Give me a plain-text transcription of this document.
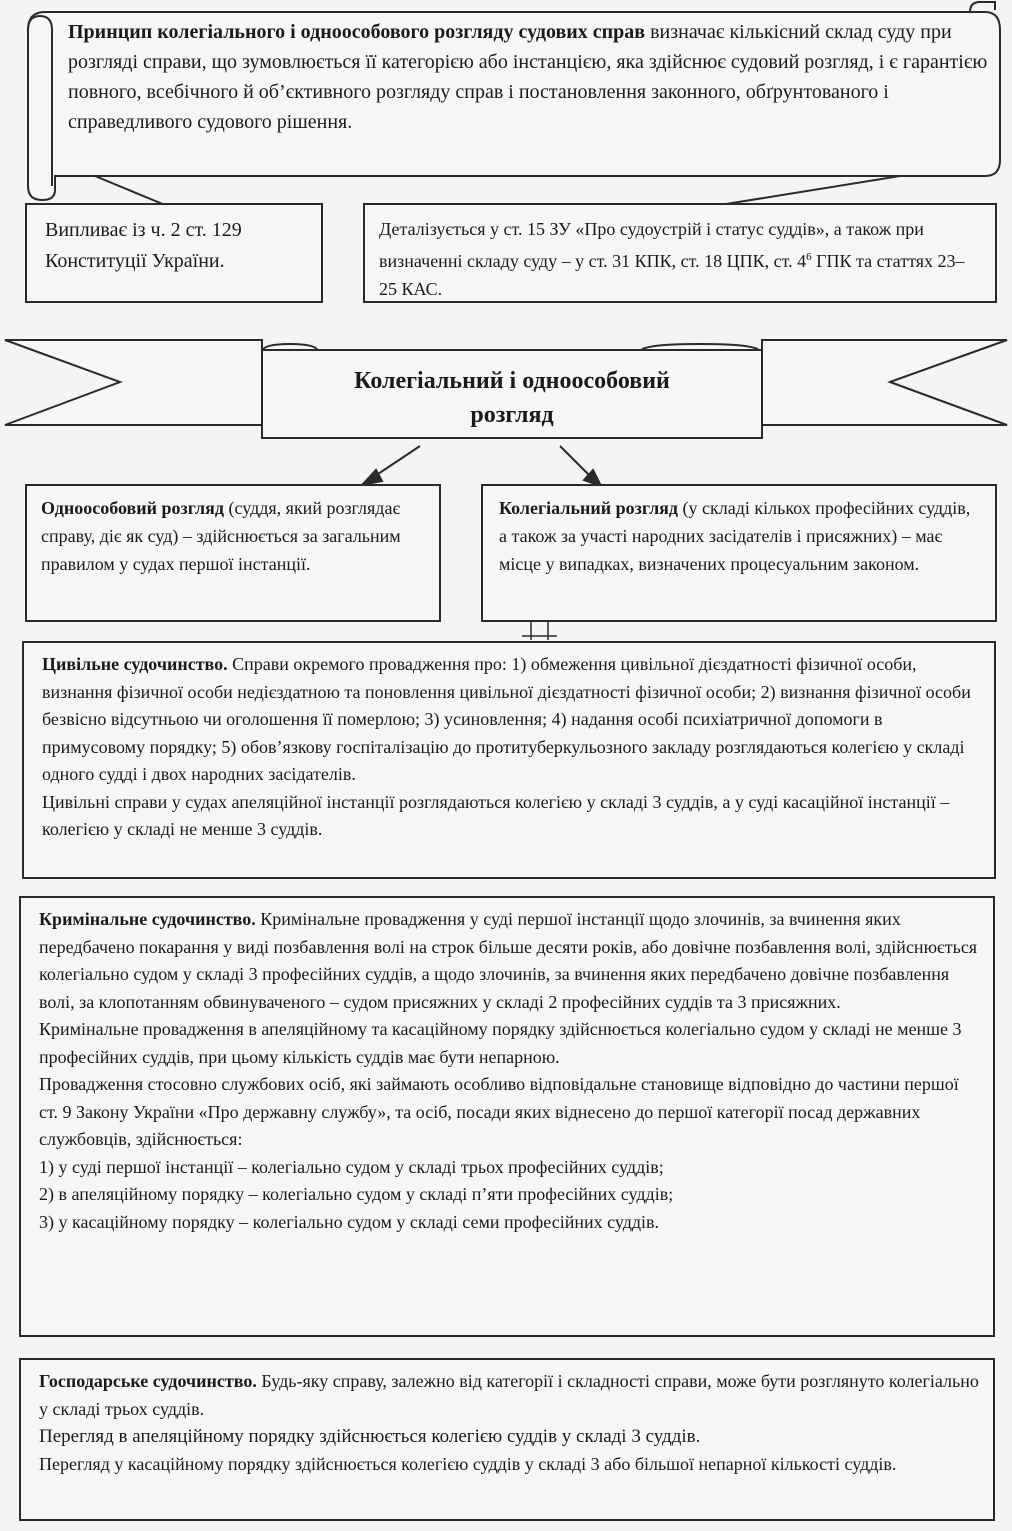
Принцип колегіального і одноособового розгляду судових справ визначає кількісний склад суду при розгляді справи, що зумовлюється її категорією або інстанцією, яка здійснює судовий розгляд, і є гарантією повного, всебічного й об’єктивного розгляду справ і постановлення законного, обґрунтованого і справедливого судового рішення.
Випливає із ч. 2 ст. 129 Конституції України.
Деталізується у ст. 15 ЗУ «Про судоустрій і статус суддів», а також при визначенні складу суду – у ст. 31 КПК, ст. 18 ЦПК, ст. $4^6$ ГПК та статтях 23–25 КАС.
Колегіальний і одноособовий
розгляд
Одноособовий розгляд (суддя, який розглядає справу, діє як суд) – здійснюється за загальним правилом у судах першої інстанції.
Колегіальний розгляд (у складі кількох професійних суддів, а також за участі народних засідателів і присяжних) – має місце у випадках, визначених процесуальним законом.

Цивільне судочинство. Справи окремого провадження про: 1) обмеження цивільної дієздатності фізичної особи, визнання фізичної особи недієздатною та поновлення цивільної дієздатності фізичної особи; 2) визнання фізичної особи безвісно відсутньою чи оголошення її померлою; 3) усиновлення; 4) надання особі психіатричної допомоги в примусовому порядку; 5) обов’язкову госпіталізацію до протитуберкульозного закладу розглядаються колегією у складі одного судді і двох народних засідателів.

Цивільні справи у судах апеляційної інстанції розглядаються колегією у складі 3 суддів, а у суді касаційної інстанції – колегією у складі не менше 3 суддів.

Кримінальне судочинство. Кримінальне провадження у суді першої інстанції щодо злочинів, за вчинення яких передбачено покарання у виді позбавлення волі на строк більше десяти років, або довічне позбавлення волі, здійснюється колегіально судом у складі 3 професійних суддів, а щодо злочинів, за вчинення яких передбачено довічне позбавлення волі, за клопотанням обвинуваченого – судом присяжних у складі 2 професійних суддів та 3 присяжних.

Кримінальне провадження в апеляційному та касаційному порядку здійснюється колегіально судом у складі не менше 3 професійних суддів, при цьому кількість суддів має бути непарною.

Провадження стосовно службових осіб, які займають особливо відповідальне становище відповідно до частини першої ст. 9 Закону України «Про державну службу», та осіб, посади яких віднесено до першої категорії посад державних службовців, здійснюється:

1) у суді першої інстанції – колегіально судом у складі трьох професійних суддів;

2) в апеляційному порядку – колегіально судом у складі п’яти професійних суддів;

3) у касаційному порядку – колегіально судом у складі семи професійних суддів.

Господарське судочинство. Будь-яку справу, залежно від категорії і складності справи, може бути розглянуто колегіально у складі трьох суддів.

Перегляд в апеляційному порядку здійснюється колегією суддів у складі 3 суддів.

Перегляд у касаційному порядку здійснюється колегією суддів у складі 3 або більшої непарної кількості суддів.
